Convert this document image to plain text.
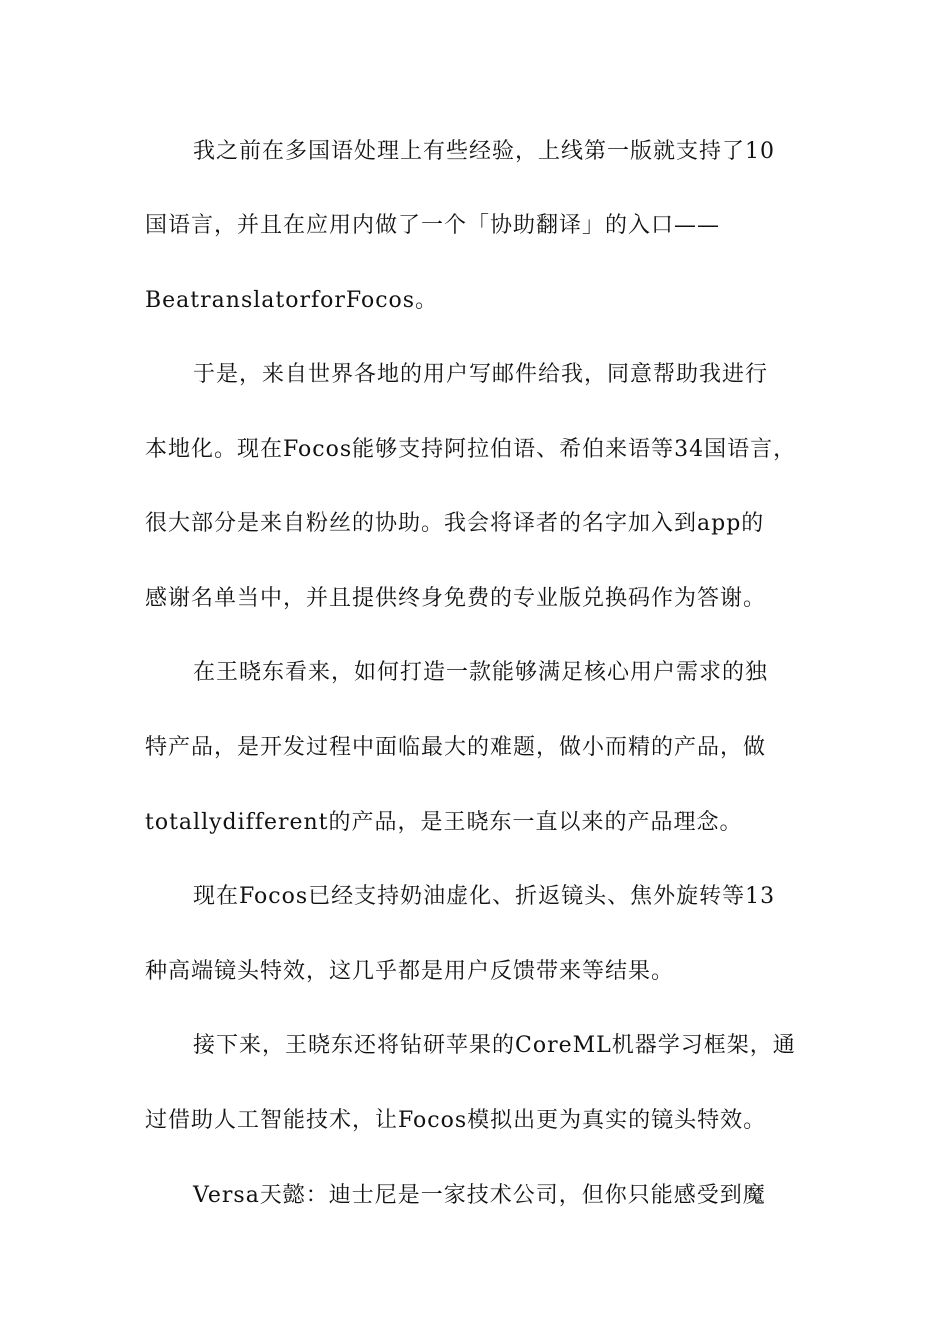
我之前在多国语处理上有些经验，上线第一版就支持了10
国语言，并且在应用内做了一个「协助翻译」的入口——
BeatranslatorforFocos。
于是，来自世界各地的用户写邮件给我，同意帮助我进行
本地化。现在Focos能够支持阿拉伯语、希伯来语等34国语言，
很大部分是来自粉丝的协助。我会将译者的名字加入到app的
感谢名单当中，并且提供终身免费的专业版兑换码作为答谢。
在王晓东看来，如何打造一款能够满足核心用户需求的独
特产品，是开发过程中面临最大的难题，做小而精的产品，做
totallydifferent的产品，是王晓东一直以来的产品理念。
现在Focos已经支持奶油虚化、折返镜头、焦外旋转等13
种高端镜头特效，这几乎都是用户反馈带来等结果。
接下来，王晓东还将钻研苹果的CoreML机器学习框架，通
过借助人工智能技术，让Focos模拟出更为真实的镜头特效。
Versa天懿：迪士尼是一家技术公司，但你只能感受到魔
